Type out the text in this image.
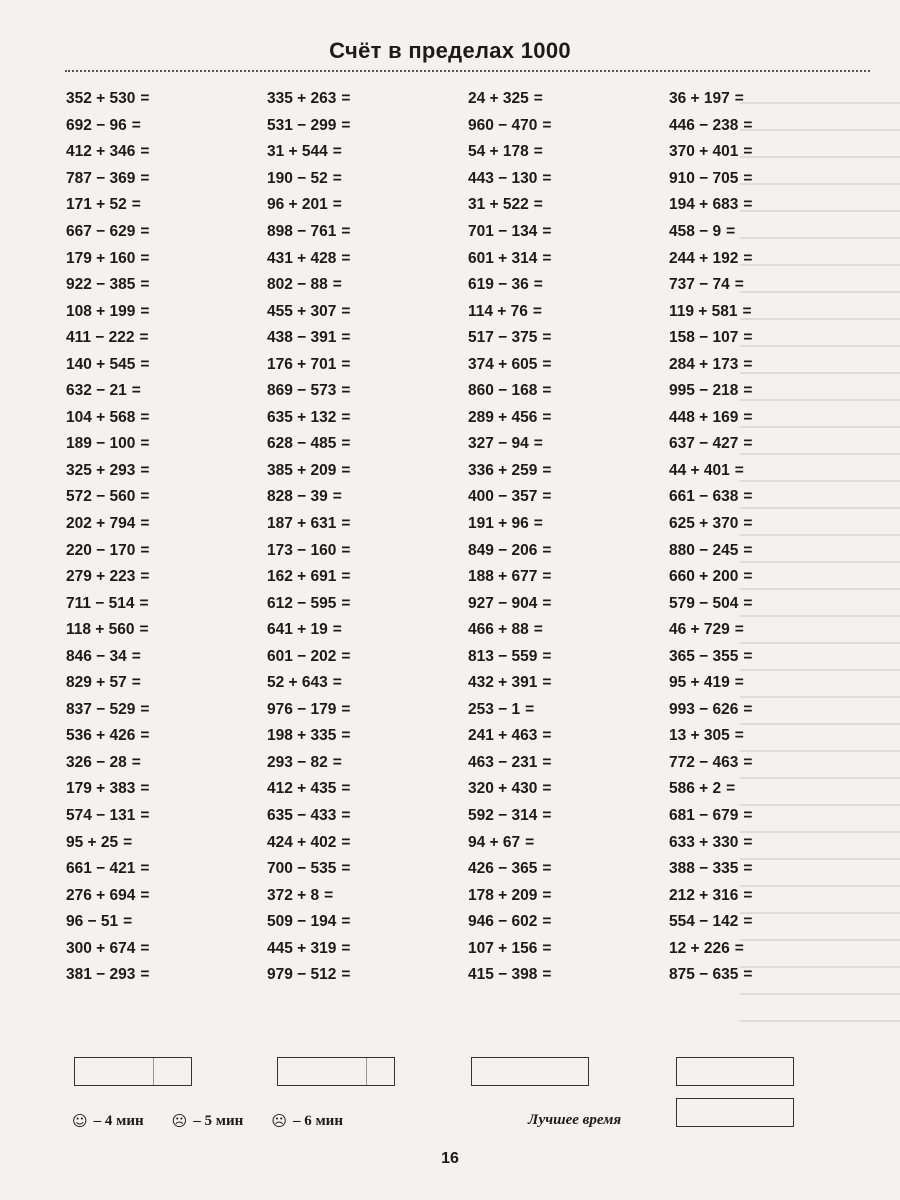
Счёт в пределах 1000
352 + 530 =
692 − 96 =
412 + 346 =
787 − 369 =
171 + 52 =
667 − 629 =
179 + 160 =
922 − 385 =
108 + 199 =
411 − 222 =
140 + 545 =
632 − 21 =
104 + 568 =
189 − 100 =
325 + 293 =
572 − 560 =
202 + 794 =
220 − 170 =
279 + 223 =
711 − 514 =
118 + 560 =
846 − 34 =
829 + 57 =
837 − 529 =
536 + 426 =
326 − 28 =
179 + 383 =
574 − 131 =
95 + 25 =
661 − 421 =
276 + 694 =
96 − 51 =
300 + 674 =
381 − 293 =
335 + 263 =
531 − 299 =
31 + 544 =
190 − 52 =
96 + 201 =
898 − 761 =
431 + 428 =
802 − 88 =
455 + 307 =
438 − 391 =
176 + 701 =
869 − 573 =
635 + 132 =
628 − 485 =
385 + 209 =
828 − 39 =
187 + 631 =
173 − 160 =
162 + 691 =
612 − 595 =
641 + 19 =
601 − 202 =
52 + 643 =
976 − 179 =
198 + 335 =
293 − 82 =
412 + 435 =
635 − 433 =
424 + 402 =
700 − 535 =
372 + 8 =
509 − 194 =
445 + 319 =
979 − 512 =
24 + 325 =
960 − 470 =
54 + 178 =
443 − 130 =
31 + 522 =
701 − 134 =
601 + 314 =
619 − 36 =
114 + 76 =
517 − 375 =
374 + 605 =
860 − 168 =
289 + 456 =
327 − 94 =
336 + 259 =
400 − 357 =
191 + 96 =
849 − 206 =
188 + 677 =
927 − 904 =
466 + 88 =
813 − 559 =
432 + 391 =
253 − 1 =
241 + 463 =
463 − 231 =
320 + 430 =
592 − 314 =
94 + 67 =
426 − 365 =
178 + 209 =
946 − 602 =
107 + 156 =
415 − 398 =
36 + 197 =
446 − 238 =
370 + 401 =
910 − 705 =
194 + 683 =
458 − 9 =
244 + 192 =
737 − 74 =
119 + 581 =
158 − 107 =
284 + 173 =
995 − 218 =
448 + 169 =
637 − 427 =
44 + 401 =
661 − 638 =
625 + 370 =
880 − 245 =
660 + 200 =
579 − 504 =
46 + 729 =
365 − 355 =
95 + 419 =
993 − 626 =
13 + 305 =
772 − 463 =
586 + 2 =
681 − 679 =
633 + 330 =
388 − 335 =
212 + 316 =
554 − 142 =
12 + 226 =
875 − 635 =
☺ – 4 мин ☹ – 5 мин ☹ – 6 мин	Лучшее время
16
